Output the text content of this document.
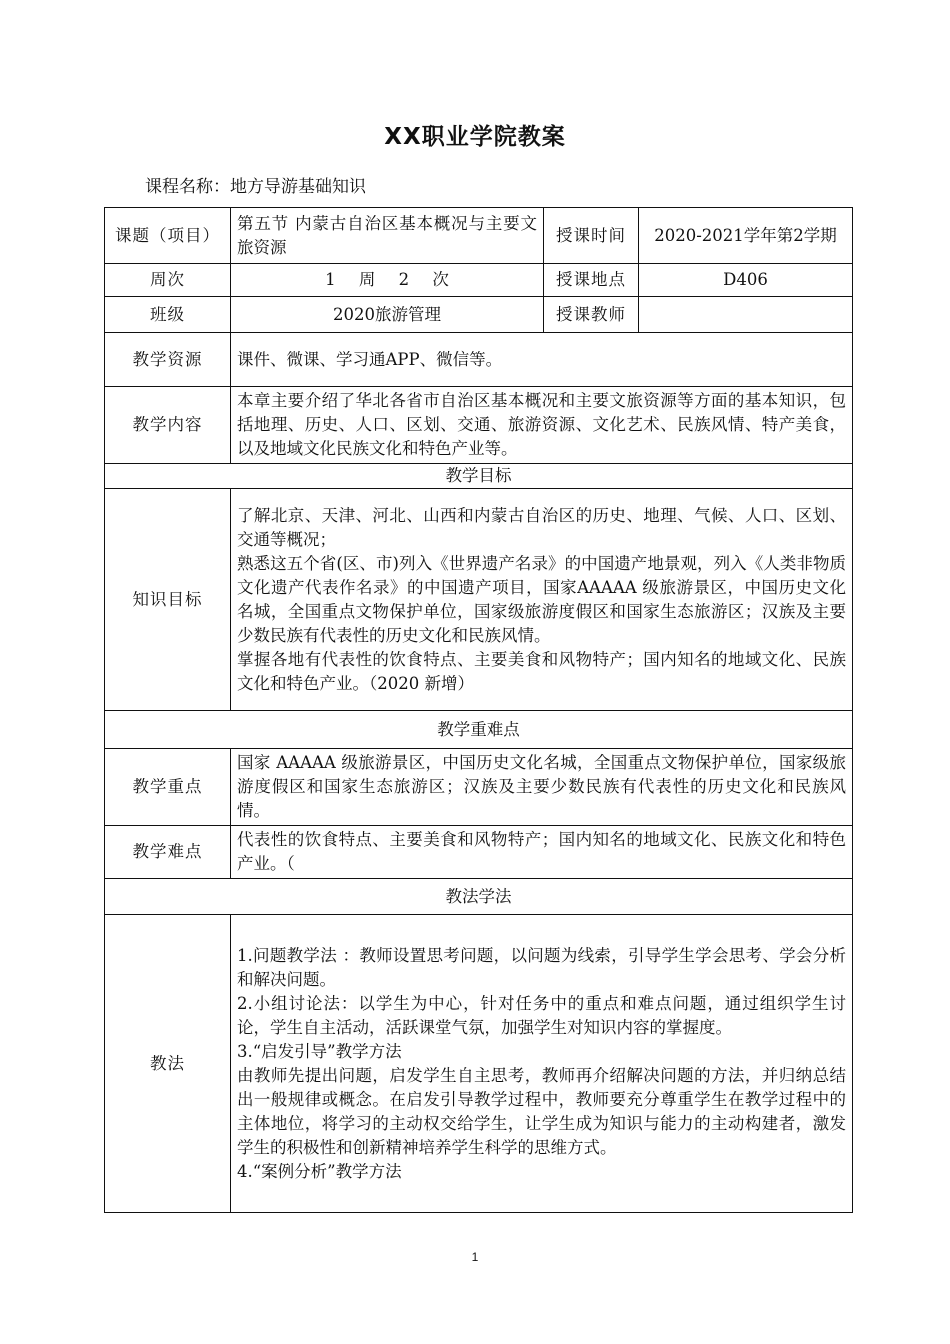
XX职业学院教案
课程名称：地方导游基础知识
课题（项目）	第五节 内蒙古自治区基本概况与主要文旅资源	授课时间	2020-2021学年第2学期
周次	1 周 2 次	授课地点	D406
班级	2020旅游管理	授课教师	
教学资源	课件、微课、学习通APP、微信等。		
教学内容	本章主要介绍了华北各省市自治区基本概况和主要文旅资源等方面的基本知识，包括地理、历史、人口、区划、交通、旅游资源、文化艺术、民族风情、特产美食，以及地域文化民族文化和特色产业等。		
教学目标			
知识目标	了解北京、天津、河北、山西和内蒙古自治区的历史、地理、气候、人口、区划、交通等概况；
熟悉这五个省(区、市)列入《世界遗产名录》的中国遗产地景观，列入《人类非物质文化遗产代表作名录》的中国遗产项目，国家AAAAA 级旅游景区，中国历史文化名城，全国重点文物保护单位，国家级旅游度假区和国家生态旅游区；汉族及主要少数民族有代表性的历史文化和民族风情。
掌握各地有代表性的饮食特点、主要美食和风物特产；国内知名的地域文化、民族文化和特色产业。（2020 新增）		

教学重难点			
教学重点	国家 AAAAA 级旅游景区，中国历史文化名城，全国重点文物保护单位，国家级旅游度假区和国家生态旅游区；汉族及主要少数民族有代表性的历史文化和民族风情。		
教学难点	代表性的饮食特点、主要美食和风物特产；国内知名的地域文化、民族文化和特色产业。（		
教法学法			
教法	1.问题教学法 ：教师设置思考问题，以问题为线索，引导学生学会思考、学会分析和解决问题。
2.小组讨论法：以学生为中心，针对任务中的重点和难点问题，通过组织学生讨论，学生自主活动，活跃课堂气氛，加强学生对知识内容的掌握度。
3.“启发引导”教学方法
由教师先提出问题，启发学生自主思考，教师再介绍解决问题的方法，并归纳总结出一般规律或概念。在启发引导教学过程中，教师要充分尊重学生在教学过程中的主体地位，将学习的主动权交给学生，让学生成为知识与能力的主动构建者，激发学生的积极性和创新精神培养学生科学的思维方式。
4.“案例分析”教学方法		
1
